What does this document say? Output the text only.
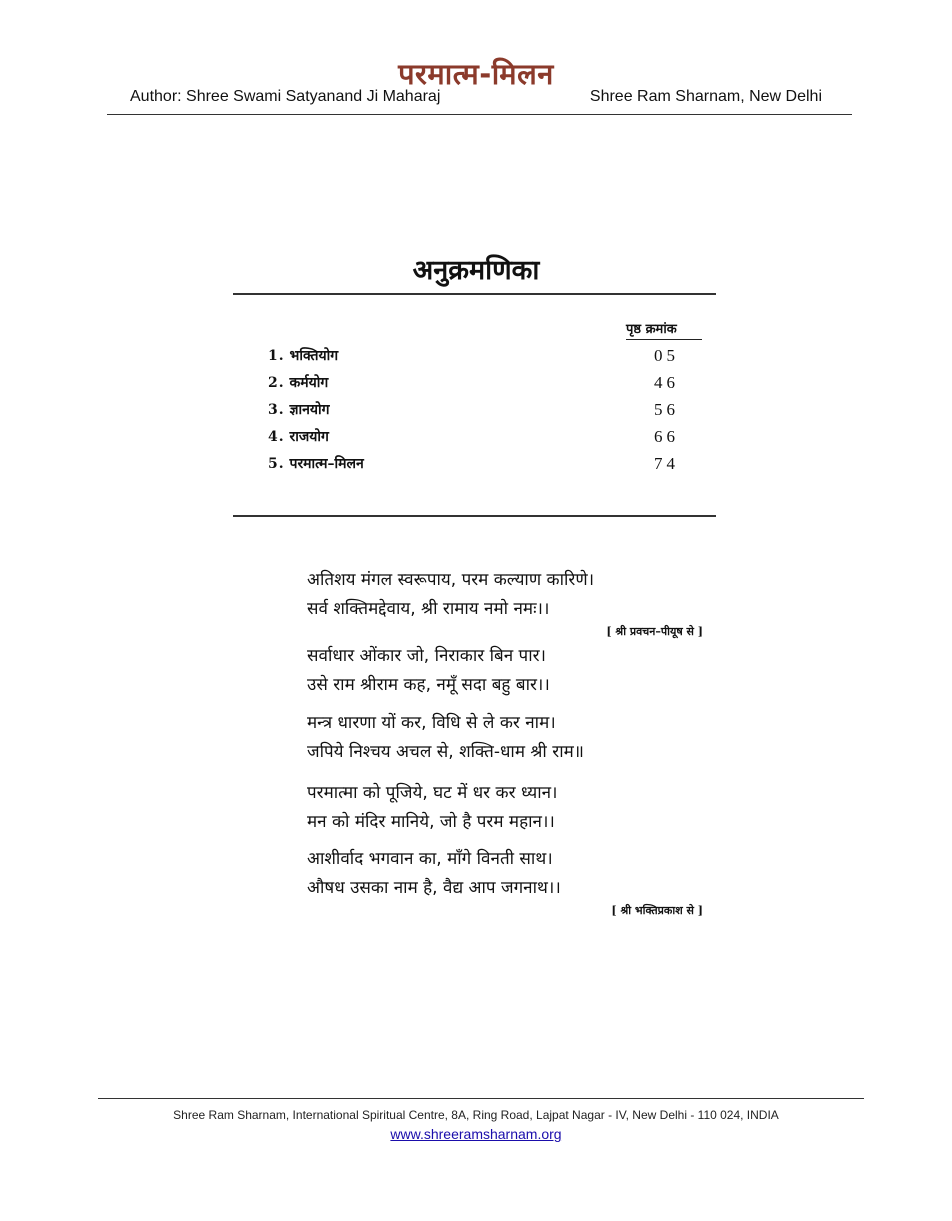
परमात्म-मिलन
Author: Shree Swami Satyanand Ji Maharaj	Shree Ram Sharnam, New Delhi
अनुक्रमणिका
पृष्ठ क्रमांक
1. भक्तियोग	05
2. कर्मयोग	46
3. ज्ञानयोग	56
4. राजयोग	66
5. परमात्म–मिलन	74
अतिशय मंगल स्वरूपाय, परम कल्याण कारिणे।
सर्व शक्तिमद्देवाय, श्री रामाय नमो नमः।।
[ श्री प्रवचन–पीयूष से ]
सर्वाधार ओंकार जो, निराकार बिन पार।
उसे राम श्रीराम कह, नमूँ सदा बहु बार।।
मन्त्र धारणा यों कर, विधि से ले कर नाम।
जपिये निश्चय अचल से, शक्ति-धाम श्री राम॥
परमात्मा को पूजिये, घट में धर कर ध्यान।
मन को मंदिर मानिये, जो है परम महान।।
आशीर्वाद भगवान का, माँगे विनती साथ।
औषध उसका नाम है, वैद्य आप जगनाथ।।
[ श्री भक्तिप्रकाश से ]
Shree Ram Sharnam, International Spiritual Centre, 8A, Ring Road, Lajpat Nagar - IV, New Delhi - 110 024, INDIA
www.shreeramsharnam.org
